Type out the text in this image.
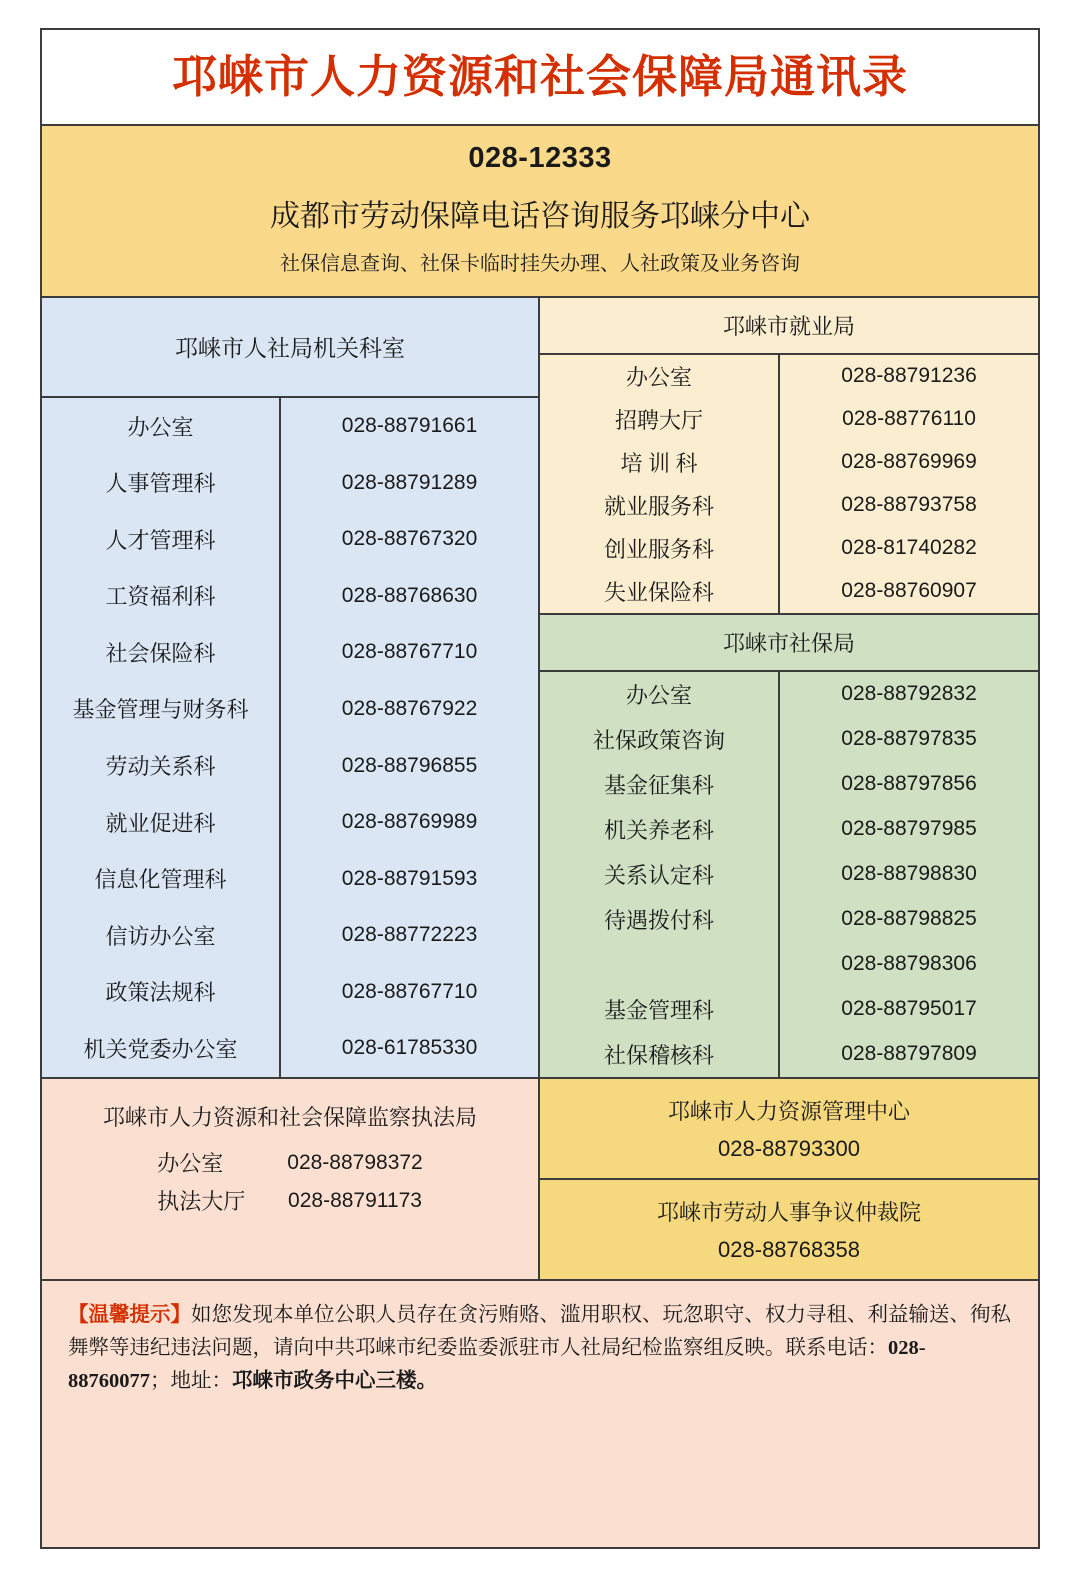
邛崃市人力资源和社会保障局通讯录
028-12333
成都市劳动保障电话咨询服务邛崃分中心
社保信息查询、社保卡临时挂失办理、人社政策及业务咨询
邛崃市人社局机关科室
办公室	028-88791661
人事管理科	028-88791289
人才管理科	028-88767320
工资福利科	028-88768630
社会保险科	028-88767710
基金管理与财务科	028-88767922
劳动关系科	028-88796855
就业促进科	028-88769989
信息化管理科	028-88791593
信访办公室	028-88772223
政策法规科	028-88767710
机关党委办公室	028-61785330
邛崃市就业局
办公室	028-88791236
招聘大厅	028-88776110
培 训 科	028-88769969
就业服务科	028-88793758
创业服务科	028-81740282
失业保险科	028-88760907
邛崃市社保局
办公室	028-88792832
社保政策咨询	028-88797835
基金征集科	028-88797856
机关养老科	028-88797985
关系认定科	028-88798830
待遇拨付科	028-88798825
	028-88798306
基金管理科	028-88795017
社保稽核科	028-88797809
邛崃市人力资源和社会保障监察执法局
办公室	028-88798372
执法大厅	028-88791173
邛崃市人力资源管理中心
028-88793300
邛崃市劳动人事争议仲裁院
028-88768358
【温馨提示】如您发现本单位公职人员存在贪污贿赂、滥用职权、玩忽职守、权力寻租、利益输送、徇私舞弊等违纪违法问题，请向中共邛崃市纪委监委派驻市人社局纪检监察组反映。联系电话：028-88760077；地址：邛崃市政务中心三楼。
